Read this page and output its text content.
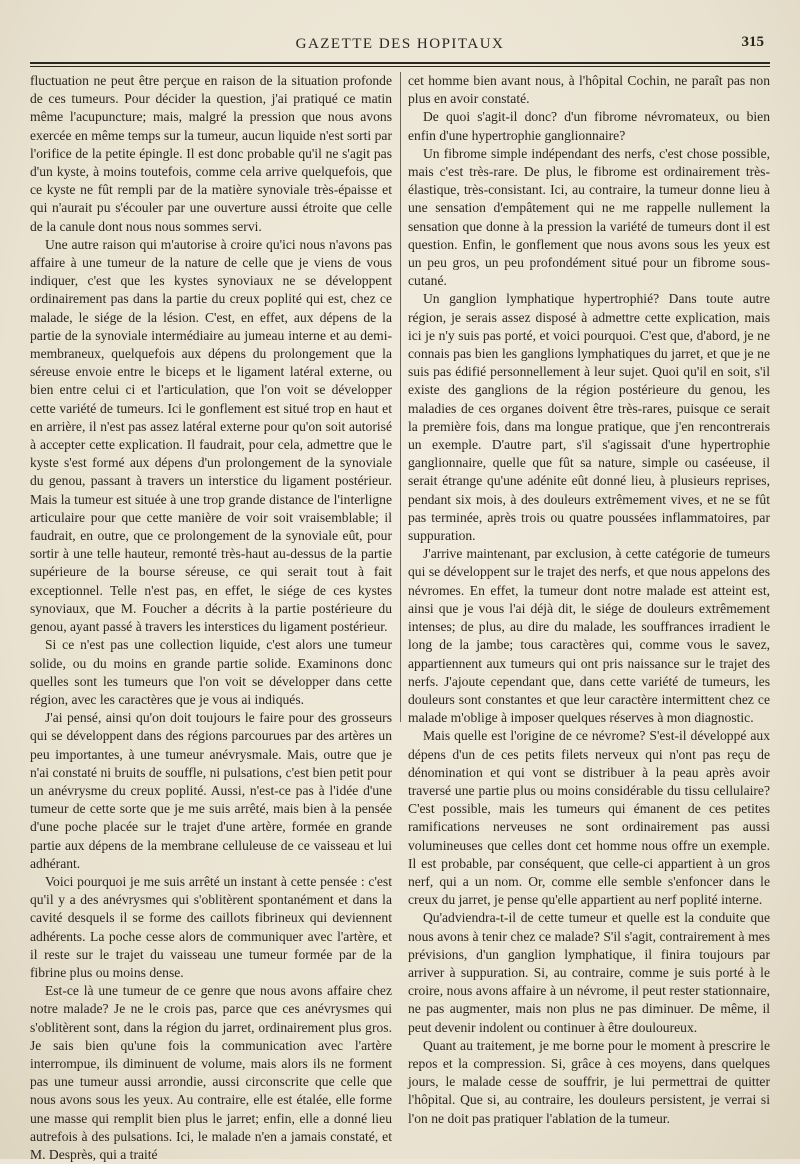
GAZETTE DES HOPITAUX	315

fluctuation ne peut être perçue en raison de la situation profonde de ces tumeurs. Pour décider la question, j'ai pratiqué ce matin même l'acupuncture; mais, malgré la pression que nous avons exercée en même temps sur la tumeur, aucun liquide n'est sorti par l'orifice de la petite épingle. Il est donc probable qu'il ne s'agit pas d'un kyste, à moins toutefois, comme cela arrive quelquefois, que ce kyste ne fût rempli par de la matière synoviale très-épaisse et qui n'aurait pu s'écouler par une ouverture aussi étroite que celle de la canule dont nous nous sommes servi.

Une autre raison qui m'autorise à croire qu'ici nous n'avons pas affaire à une tumeur de la nature de celle que je viens de vous indiquer, c'est que les kystes synoviaux ne se développent ordinairement pas dans la partie du creux poplité qui est, chez ce malade, le siége de la lésion. C'est, en effet, aux dépens de la partie de la synoviale intermédiaire au jumeau interne et au demi-membraneux, quelquefois aux dépens du prolongement que la séreuse envoie entre le biceps et le ligament latéral externe, ou bien entre celui ci et l'articulation, que l'on voit se développer cette variété de tumeurs. Ici le gonflement est situé trop en haut et en arrière, il n'est pas assez latéral externe pour qu'on soit autorisé à accepter cette explication. Il faudrait, pour cela, admettre que le kyste s'est formé aux dépens d'un prolongement de la synoviale du genou, passant à travers un interstice du ligament postérieur. Mais la tumeur est située à une trop grande distance de l'interligne articulaire pour que cette manière de voir soit vraisemblable; il faudrait, en outre, que ce prolongement de la synoviale eût, pour sortir à une telle hauteur, remonté très-haut au-dessus de la partie supérieure de la bourse séreuse, ce qui serait tout à fait exceptionnel. Telle n'est pas, en effet, le siége de ces kystes synoviaux, que M. Foucher a décrits à la partie postérieure du genou, ayant passé à travers les interstices du ligament postérieur.

Si ce n'est pas une collection liquide, c'est alors une tumeur solide, ou du moins en grande partie solide. Examinons donc quelles sont les tumeurs que l'on voit se développer dans cette région, avec les caractères que je vous ai indiqués.

J'ai pensé, ainsi qu'on doit toujours le faire pour des grosseurs qui se développent dans des régions parcourues par des artères un peu importantes, à une tumeur anévrysmale. Mais, outre que je n'ai constaté ni bruits de souffle, ni pulsations, c'est bien petit pour un anévrysme du creux poplité. Aussi, n'est-ce pas à l'idée d'une tumeur de cette sorte que je me suis arrêté, mais bien à la pensée d'une poche placée sur le trajet d'une artère, formée en grande partie aux dépens de la membrane celluleuse de ce vaisseau et lui adhérant.

Voici pourquoi je me suis arrêté un instant à cette pensée : c'est qu'il y a des anévrysmes qui s'oblitèrent spontanément et dans la cavité desquels il se forme des caillots fibrineux qui deviennent adhérents. La poche cesse alors de communiquer avec l'artère, et il reste sur le trajet du vaisseau une tumeur formée par de la fibrine plus ou moins dense.

Est-ce là une tumeur de ce genre que nous avons affaire chez notre malade? Je ne le crois pas, parce que ces anévrysmes qui s'oblitèrent sont, dans la région du jarret, ordinairement plus gros. Je sais bien qu'une fois la communication avec l'artère interrompue, ils diminuent de volume, mais alors ils ne forment pas une tumeur aussi arrondie, aussi circonscrite que celle que nous avons sous les yeux. Au contraire, elle est étalée, elle forme une masse qui remplit bien plus le jarret; enfin, elle a donné lieu autrefois à des pulsations. Ici, le malade n'en a jamais constaté, et M. Desprès, qui a traité

cet homme bien avant nous, à l'hôpital Cochin, ne paraît pas non plus en avoir constaté.

De quoi s'agit-il donc? d'un fibrome névromateux, ou bien enfin d'une hypertrophie ganglionnaire?

Un fibrome simple indépendant des nerfs, c'est chose possible, mais c'est très-rare. De plus, le fibrome est ordinairement très-élastique, très-consistant. Ici, au contraire, la tumeur donne lieu à une sensation d'empâtement qui ne me rappelle nullement la sensation que donne à la pression la variété de tumeurs dont il est question. Enfin, le gonflement que nous avons sous les yeux est un peu gros, un peu profondément situé pour un fibrome sous-cutané.

Un ganglion lymphatique hypertrophié? Dans toute autre région, je serais assez disposé à admettre cette explication, mais ici je n'y suis pas porté, et voici pourquoi. C'est que, d'abord, je ne connais pas bien les ganglions lymphatiques du jarret, et que je ne suis pas édifié personnellement à leur sujet. Quoi qu'il en soit, s'il existe des ganglions de la région postérieure du genou, les maladies de ces organes doivent être très-rares, puisque ce serait la première fois, dans ma longue pratique, que j'en rencontrerais un exemple. D'autre part, s'il s'agissait d'une hypertrophie ganglionnaire, quelle que fût sa nature, simple ou caséeuse, il serait étrange qu'une adénite eût donné lieu, à plusieurs reprises, pendant six mois, à des douleurs extrêmement vives, et ne se fût pas terminée, après trois ou quatre poussées inflammatoires, par suppuration.

J'arrive maintenant, par exclusion, à cette catégorie de tumeurs qui se développent sur le trajet des nerfs, et que nous appelons des névromes. En effet, la tumeur dont notre malade est atteint est, ainsi que je vous l'ai déjà dit, le siége de douleurs extrêmement intenses; de plus, au dire du malade, les souffrances irradient le long de la jambe; tous caractères qui, comme vous le savez, appartiennent aux tumeurs qui ont pris naissance sur le trajet des nerfs. J'ajoute cependant que, dans cette variété de tumeurs, les douleurs sont constantes et que leur caractère intermittent chez ce malade m'oblige à imposer quelques réserves à mon diagnostic.

Mais quelle est l'origine de ce névrome? S'est-il développé aux dépens d'un de ces petits filets nerveux qui n'ont pas reçu de dénomination et qui vont se distribuer à la peau après avoir traversé une partie plus ou moins considérable du tissu cellulaire? C'est possible, mais les tumeurs qui émanent de ces petites ramifications nerveuses ne sont ordinairement pas aussi volumineuses que celles dont cet homme nous offre un exemple. Il est probable, par conséquent, que celle-ci appartient à un gros nerf, qui a un nom. Or, comme elle semble s'enfoncer dans le creux du jarret, je pense qu'elle appartient au nerf poplité interne.

Qu'adviendra-t-il de cette tumeur et quelle est la conduite que nous avons à tenir chez ce malade? S'il s'agit, contrairement à mes prévisions, d'un ganglion lymphatique, il finira toujours par arriver à suppuration. Si, au contraire, comme je suis porté à le croire, nous avons affaire à un névrome, il peut rester stationnaire, ne pas augmenter, mais non plus ne pas diminuer. De même, il peut devenir indolent ou continuer à être douloureux.

Quant au traitement, je me borne pour le moment à prescrire le repos et la compression. Si, grâce à ces moyens, dans quelques jours, le malade cesse de souffrir, je lui permettrai de quitter l'hôpital. Que si, au contraire, les douleurs persistent, je verrai si l'on ne doit pas pratiquer l'ablation de la tumeur.
